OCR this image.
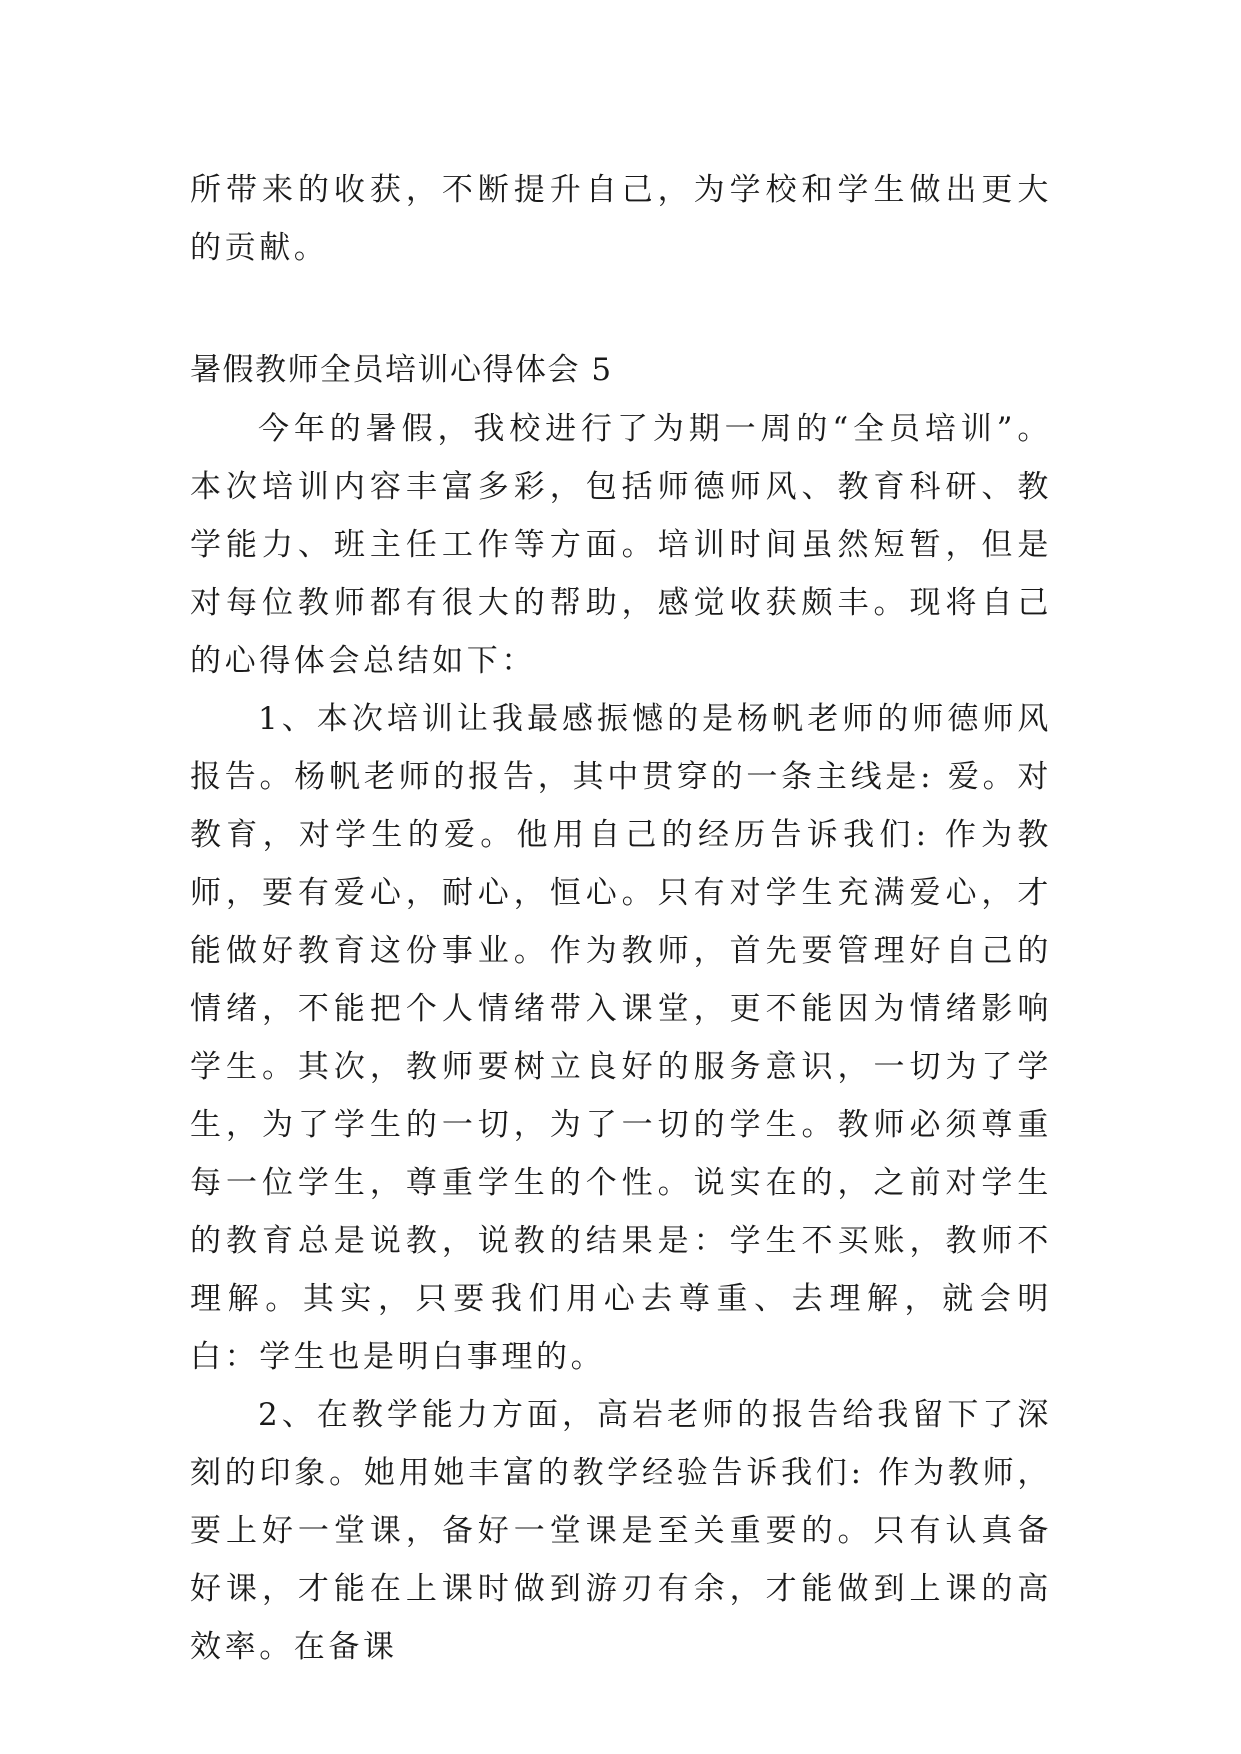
所带来的收获，不断提升自己，为学校和学生做出更大的贡献。

暑假教师全员培训心得体会 5

今年的暑假，我校进行了为期一周的“全员培训”。本次培训内容丰富多彩，包括师德师风、教育科研、教学能力、班主任工作等方面。培训时间虽然短暂，但是对每位教师都有很大的帮助，感觉收获颇丰。现将自己的心得体会总结如下：

1、本次培训让我最感振憾的是杨帆老师的师德师风报告。杨帆老师的报告，其中贯穿的一条主线是: 爱。对教育，对学生的爱。他用自己的经历告诉我们: 作为教师，要有爱心，耐心，恒心。只有对学生充满爱心，才能做好教育这份事业。作为教师，首先要管理好自己的情绪，不能把个人情绪带入课堂，更不能因为情绪影响学生。其次，教师要树立良好的服务意识，一切为了学生，为了学生的一切，为了一切的学生。教师必须尊重每一位学生，尊重学生的个性。说实在的，之前对学生的教育总是说教，说教的结果是：学生不买账，教师不理解。其实，只要我们用心去尊重、去理解，就会明白：学生也是明白事理的。

2、在教学能力方面，高岩老师的报告给我留下了深刻的印象。她用她丰富的教学经验告诉我们: 作为教师，要上好一堂课，备好一堂课是至关重要的。只有认真备好课，才能在上课时做到游刃有余，才能做到上课的高效率。在备课
